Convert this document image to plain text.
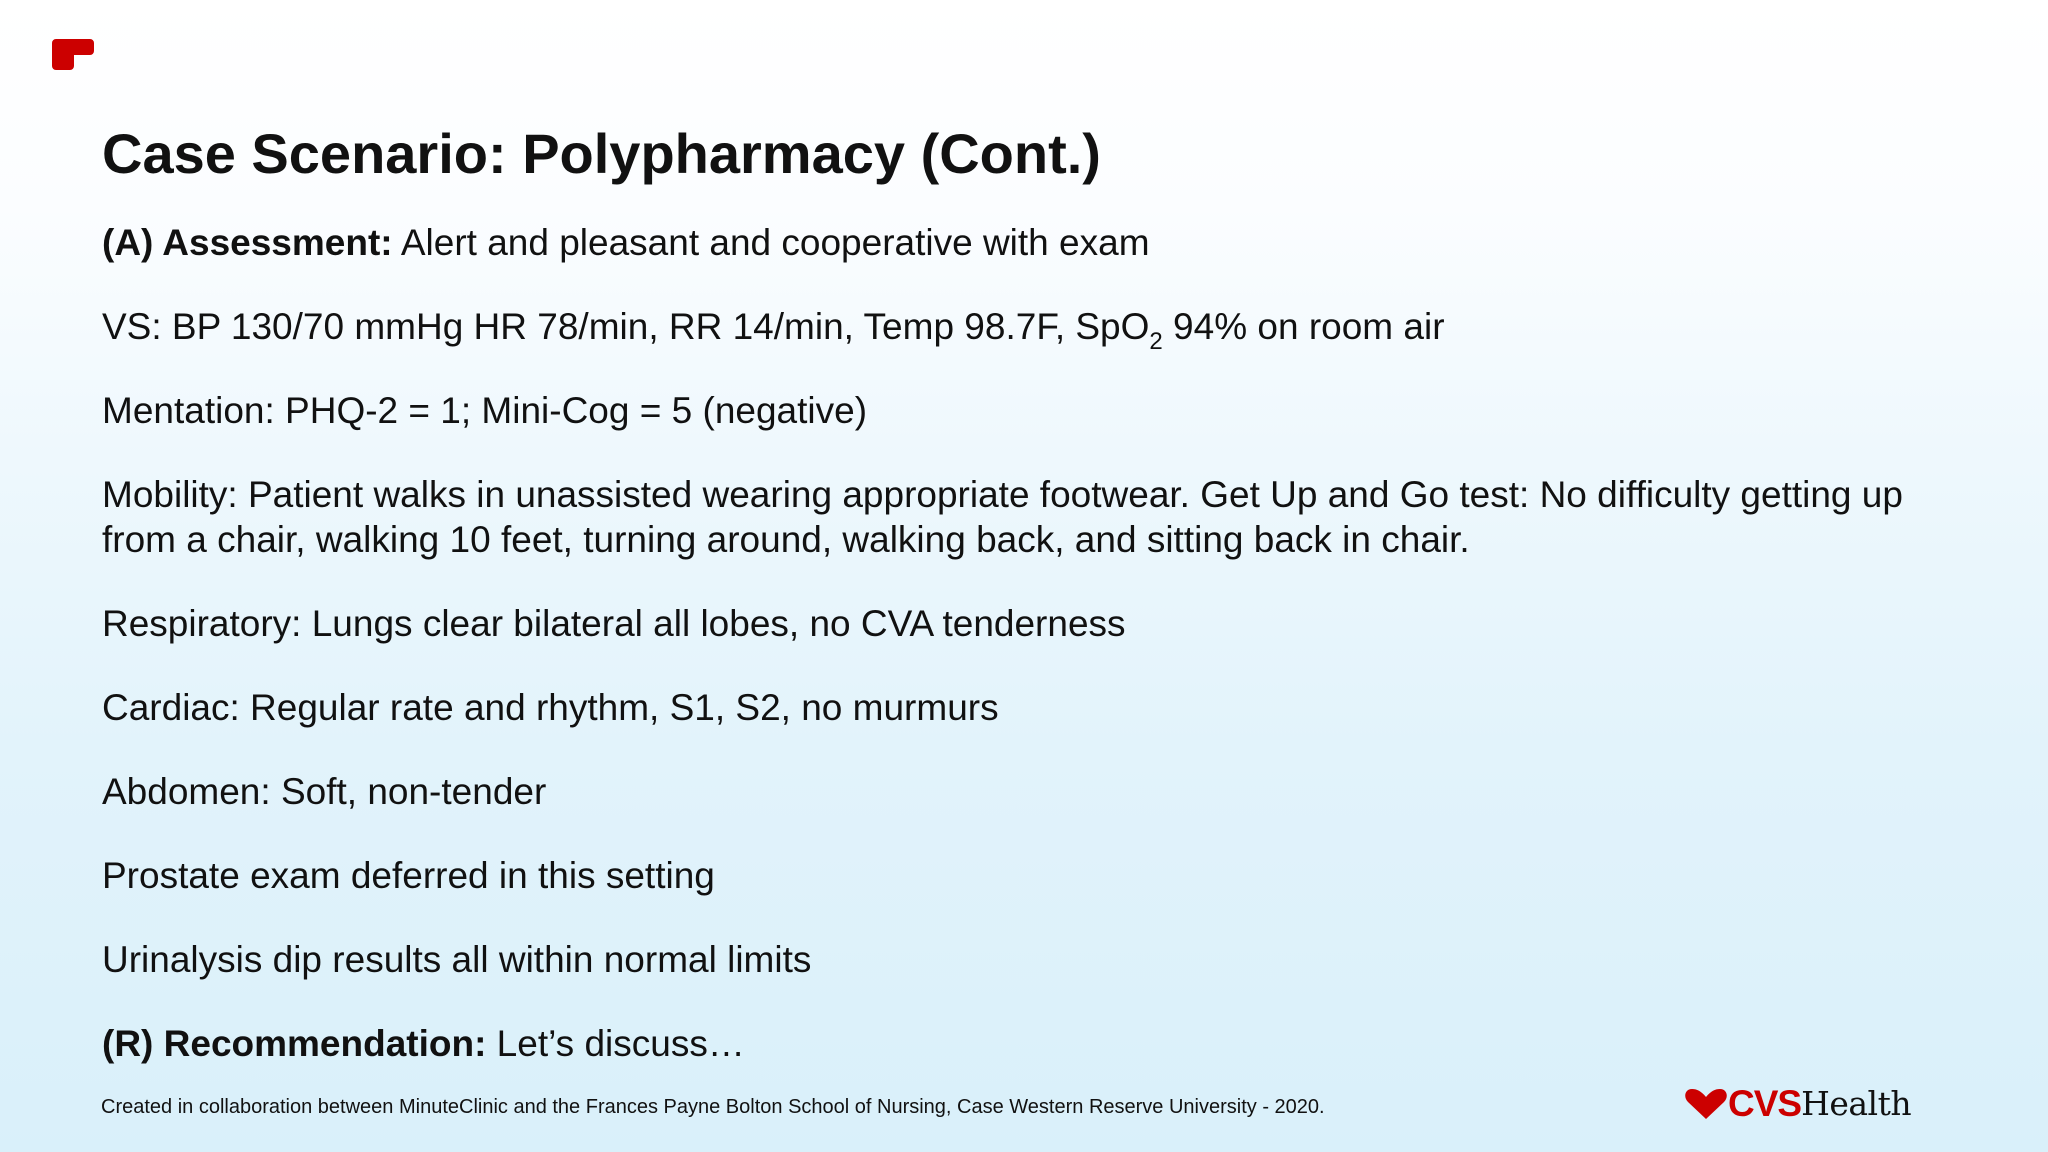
Case Scenario: Polypharmacy (Cont.)

(A) Assessment: Alert and pleasant and cooperative with exam

VS: BP 130/70 mmHg HR 78/min, RR 14/min, Temp 98.7F, SpO$_2$ 94% on room air

Mentation: PHQ-2 = 1; Mini-Cog = 5 (negative)

Mobility: Patient walks in unassisted wearing appropriate footwear. Get Up and Go test: No difficulty getting up from a chair, walking 10 feet, turning around, walking back, and sitting back in chair.

Respiratory: Lungs clear bilateral all lobes, no CVA tenderness

Cardiac: Regular rate and rhythm, S1, S2, no murmurs

Abdomen: Soft, non-tender

Prostate exam deferred in this setting

Urinalysis dip results all within normal limits

(R) Recommendation: Let’s discuss…

Created in collaboration between MinuteClinic and the Frances Payne Bolton School of Nursing, Case Western Reserve University - 2020.	CVS Health
